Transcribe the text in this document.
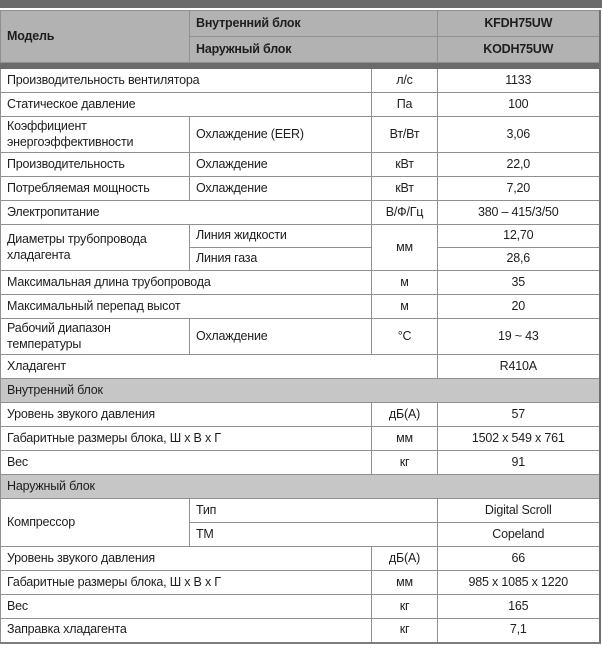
Модель	Внутренний блок		KFDH75UW
	Наружный блок		KODH75UW

Производительность вентилятора		л/с	1133
Статическое давление		Па	100
Коэффициент энергоэффективности	Охлаждение (EER)	Вт/Вт	3,06
Производительность	Охлаждение	кВт	22,0
Потребляемая мощность	Охлаждение	кВт	7,20
Электропитание		В/Ф/Гц	380 – 415/3/50
Диаметры трубопровода хладагента	Линия жидкости	мм	12,70
	Линия газа		28,6
Максимальная длина трубопровода		м	35
Максимальный перепад высот		м	20
Рабочий диапазон температуры	Охлаждение	°C	19 ~ 43
Хладагент			R410A
Внутренний блок			
Уровень звукого давления		дБ(А)	57
Габаритные размеры блока, Ш х В х Г		мм	1502 х 549 х 761
Вес		кг	91
Наружный блок			
Компрессор	Тип		Digital Scroll
	ТМ		Copeland
Уровень звукого давления		дБ(А)	66
Габаритные размеры блока, Ш х В х Г		мм	985 х 1085 х 1220
Вес		кг	165
Заправка хладагента		кг	7,1
